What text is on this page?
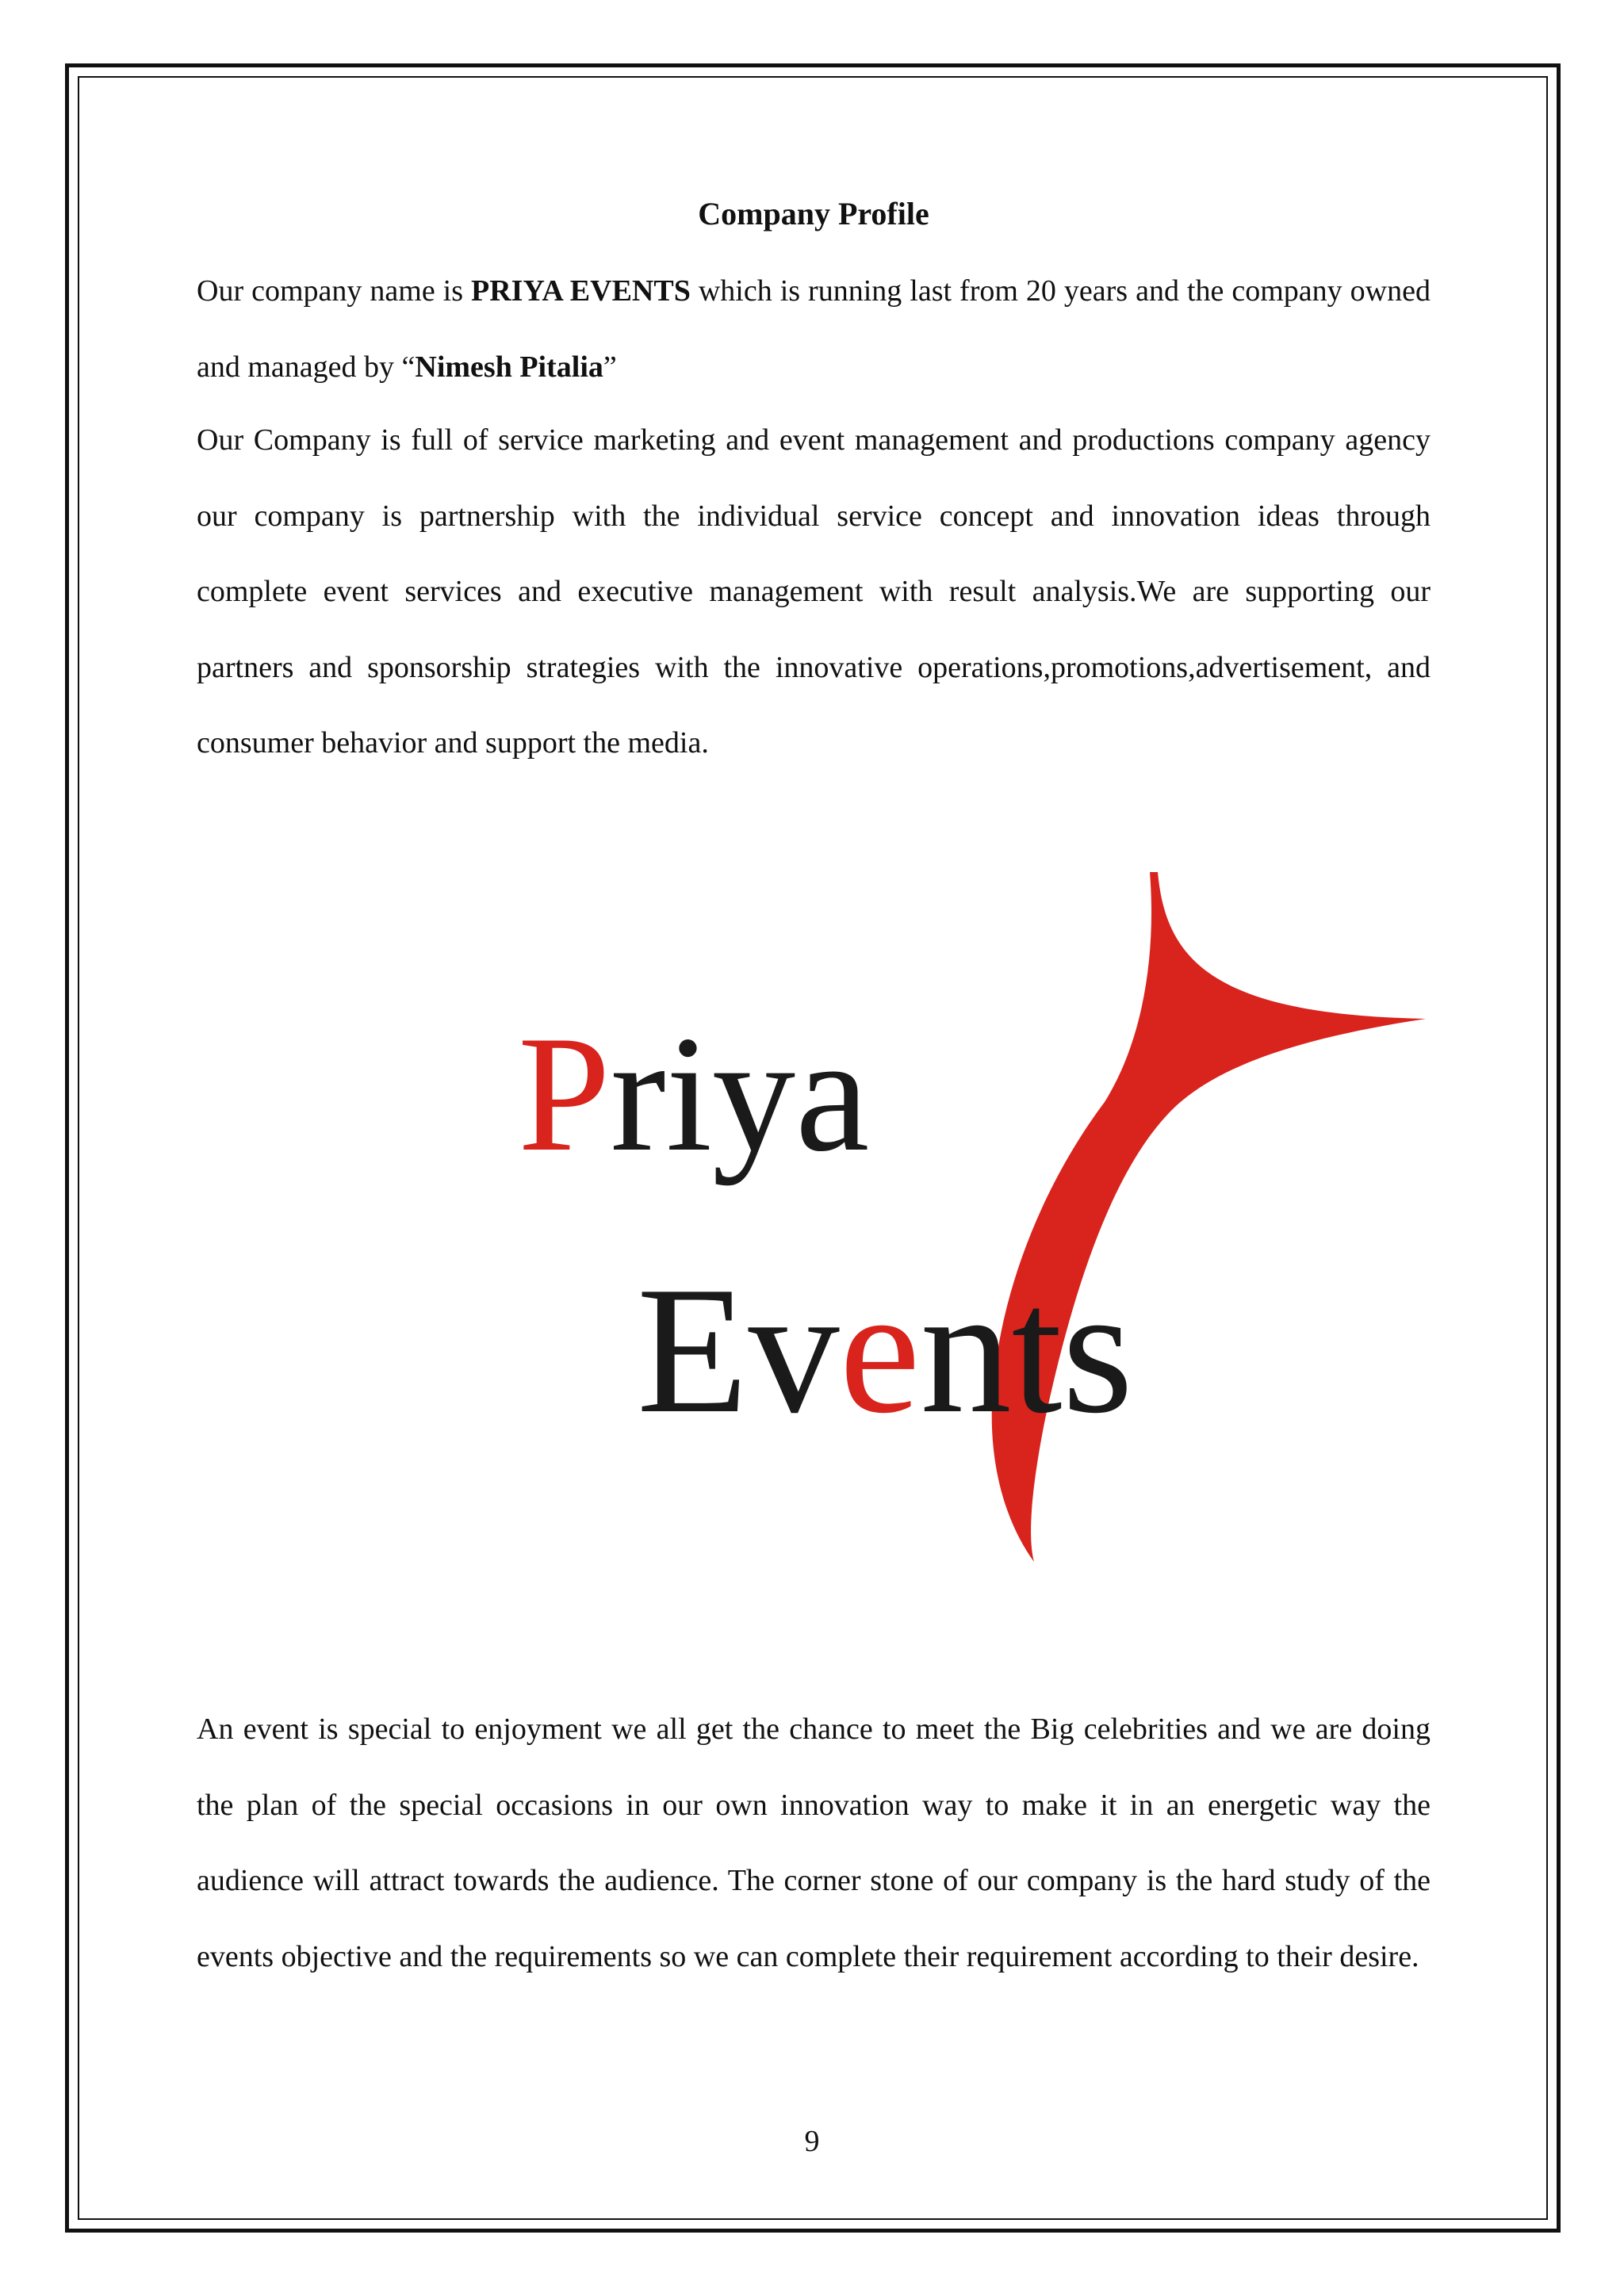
Company Profile

Our company name is PRIYA EVENTS which is running last from 20 years and the company owned and managed by “Nimesh Pitalia”

Our Company is full of service marketing and event management and productions company agency our company is partnership with the individual service concept and innovation ideas through complete event services and executive management with result analysis.We are supporting our partners and sponsorship strategies with the innovative operations,promotions,advertisement, and consumer behavior and support the media.

Priya
Events

An event is special to enjoyment we all get the chance to meet the Big celebrities and we are doing the plan of the special occasions in our own innovation way to make it in an energetic way the audience will attract towards the audience. The corner stone of our company is the hard study of the events objective and the requirements so we can complete their requirement according to their desire.

9
